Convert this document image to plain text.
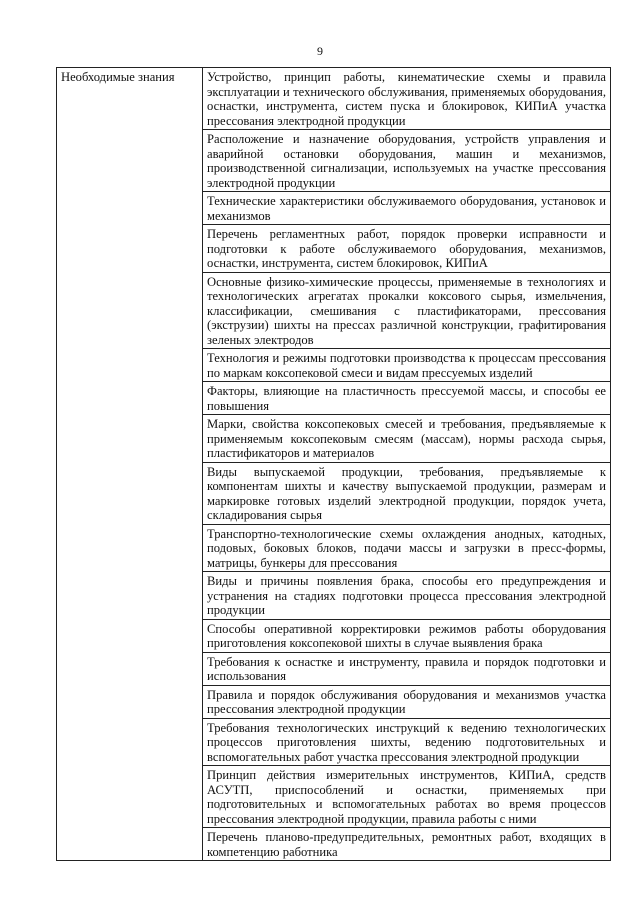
9
Необходимые знания	Устройство, принцип работы, кинематические схемы и правила эксплуатации и технического обслуживания, применяемых оборудования, оснастки, инструмента, систем пуска и блокировок, КИПиА участка прессования электродной продукции
Расположение и назначение оборудования, устройств управления и аварийной остановки оборудования, машин и механизмов, производственной сигнализации, используемых на участке прессования электродной продукции
Технические характеристики обслуживаемого оборудования, установок и механизмов
Перечень регламентных работ, порядок проверки исправности и подготовки к работе обслуживаемого оборудования, механизмов, оснастки, инструмента, систем блокировок, КИПиА
Основные физико-химические процессы, применяемые в технологиях и технологических агрегатах прокалки коксового сырья, измельчения, классификации, смешивания с пластификаторами, прессования (экструзии) шихты на прессах различной конструкции, графитирования зеленых электродов
Технология и режимы подготовки производства к процессам прессования по маркам коксопековой смеси и видам прессуемых изделий
Факторы, влияющие на пластичность прессуемой массы, и способы ее повышения
Марки, свойства коксопековых смесей и требования, предъявляемые к применяемым коксопековым смесям (массам), нормы расхода сырья, пластификаторов и материалов
Виды выпускаемой продукции, требования, предъявляемые к компонентам шихты и качеству выпускаемой продукции, размерам и маркировке готовых изделий электродной продукции, порядок учета, складирования сырья
Транспортно-технологические схемы охлаждения анодных, катодных, подовых, боковых блоков, подачи массы и загрузки в пресс-формы, матрицы, бункеры для прессования
Виды и причины появления брака, способы его предупреждения и устранения на стадиях подготовки процесса прессования электродной продукции
Способы оперативной корректировки режимов работы оборудования приготовления коксопековой шихты в случае выявления брака
Требования к оснастке и инструменту, правила и порядок подготовки и использования
Правила и порядок обслуживания оборудования и механизмов участка прессования электродной продукции
Требования технологических инструкций к ведению технологических процессов приготовления шихты, ведению подготовительных и вспомогательных работ участка прессования электродной продукции
Принцип действия измерительных инструментов, КИПиА, средств АСУТП, приспособлений и оснастки, применяемых при подготовительных и вспомогательных работах во время процессов прессования электродной продукции, правила работы с ними
Перечень планово-предупредительных, ремонтных работ, входящих в компетенцию работника
